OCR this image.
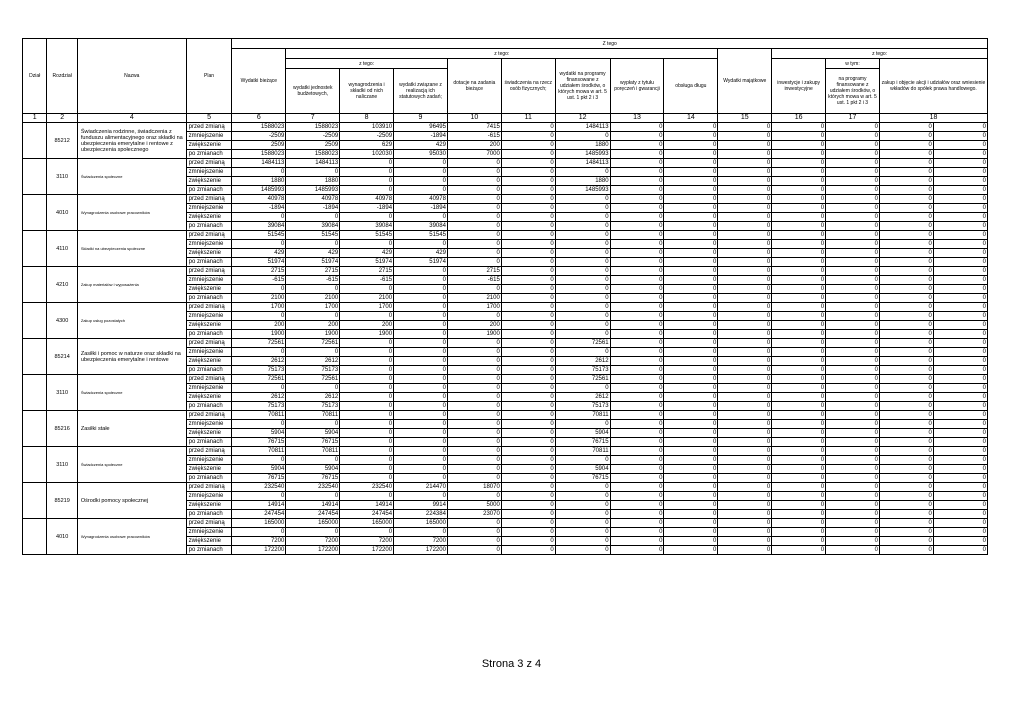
Dział	Rozdział	Nazwa	Plan	Z tego													
				Wydatki bieżące	z tego:								Wydatki majątkowe	z tego:			
					z tego:			dotacje na zadania bieżące	świadczenia na rzecz osób fizycznych;	wydatki na programy finansowane z udziałem środków, o których mowa w art. 5 ust. 1 pkt 2 i 3	wypłaty z tytułu poręczeń i gwarancji	obsługa długu		inwestycje i zakupy inwestycyjne	w tym:	zakup i objęcie akcji i udziałów oraz wniesienie wkładów do spółek prawa handlowego.	
					wydatki jednostek budżetowych,	wynagrodzenia i składki od nich naliczane	wydatki związane z realizacją ich statutowych zadań;								na programy finansowane z udziałem środków, o których mowa w art. 5 ust. 1 pkt 2 i 3		
1	2	4	5	6	7	8	9	10	11	12	13	14	15	16	17	18	
	85212	Świadczenia rodzinne, świadczenia z funduszu alimentacyjnego oraz składki na ubezpieczenia emerytalne i rentowe z ubezpieczenia społecznego	przed zmianą	1588023	1588023	103910	96495	7415	0	1484113	0	0	0	0	0	0	0
			zmniejszenie	-2509	-2509	-2509	-1894	-615	0	0	0	0	0	0	0	0	0
			zwiększenie	2509	2509	629	429	200	0	1880	0	0	0	0	0	0	0
			po zmianach	1588023	1588023	102030	95030	7000	0	1485993	0	0	0	0	0	0	0
	3110	Świadczenia społeczne	przed zmianą	1484113	1484113	0	0	0	0	1484113	0	0	0	0	0	0	0
			zmniejszenie	0	0	0	0	0	0	0	0	0	0	0	0	0	0
			zwiększenie	1880	1880	0	0	0	0	1880	0	0	0	0	0	0	0
			po zmianach	1485993	1485993	0	0	0	0	1485993	0	0	0	0	0	0	0
	4010	Wynagrodzenia osobowe pracowników	przed zmianą	40978	40978	40978	40978	0	0	0	0	0	0	0	0	0	0
			zmniejszenie	-1894	-1894	-1894	-1894	0	0	0	0	0	0	0	0	0	0
			zwiększenie	0	0	0	0	0	0	0	0	0	0	0	0	0	0
			po zmianach	39084	39084	39084	39084	0	0	0	0	0	0	0	0	0	0
	4110	Składki na ubezpieczenia społeczne	przed zmianą	51545	51545	51545	51545	0	0	0	0	0	0	0	0	0	0
			zmniejszenie	0	0	0	0	0	0	0	0	0	0	0	0	0	0
			zwiększenie	429	429	429	429	0	0	0	0	0	0	0	0	0	0
			po zmianach	51974	51974	51974	51974	0	0	0	0	0	0	0	0	0	0
	4210	Zakup materiałów i wyposażenia	przed zmianą	2715	2715	2715	0	2715	0	0	0	0	0	0	0	0	0
			zmniejszenie	-615	-615	-615	0	-615	0	0	0	0	0	0	0	0	0
			zwiększenie	0	0	0	0	0	0	0	0	0	0	0	0	0	0
			po zmianach	2100	2100	2100	0	2100	0	0	0	0	0	0	0	0	0
	4300	Zakup usług pozostałych	przed zmianą	1700	1700	1700	0	1700	0	0	0	0	0	0	0	0	0
			zmniejszenie	0	0	0	0	0	0	0	0	0	0	0	0	0	0
			zwiększenie	200	200	200	0	200	0	0	0	0	0	0	0	0	0
			po zmianach	1900	1900	1900	0	1900	0	0	0	0	0	0	0	0	0
	85214	Zasiłki i pomoc w naturze oraz składki na ubezpieczenia emerytalne i rentowe	przed zmianą	72561	72561	0	0	0	0	72561	0	0	0	0	0	0	0
			zmniejszenie	0	0	0	0	0	0	0	0	0	0	0	0	0	0
			zwiększenie	2612	2612	0	0	0	0	2612	0	0	0	0	0	0	0
			po zmianach	75173	75173	0	0	0	0	75173	0	0	0	0	0	0	0
	3110	Świadczenia społeczne	przed zmianą	72561	72561	0	0	0	0	72561	0	0	0	0	0	0	0
			zmniejszenie	0	0	0	0	0	0	0	0	0	0	0	0	0	0
			zwiększenie	2612	2612	0	0	0	0	2612	0	0	0	0	0	0	0
			po zmianach	75173	75173	0	0	0	0	75173	0	0	0	0	0	0	0
	85216	Zasiłki stałe	przed zmianą	70811	70811	0	0	0	0	70811	0	0	0	0	0	0	0
			zmniejszenie	0	0	0	0	0	0	0	0	0	0	0	0	0	0
			zwiększenie	5904	5904	0	0	0	0	5904	0	0	0	0	0	0	0
			po zmianach	76715	76715	0	0	0	0	76715	0	0	0	0	0	0	0
	3110	Świadczenia społeczne	przed zmianą	70811	70811	0	0	0	0	70811	0	0	0	0	0	0	0
			zmniejszenie	0	0	0	0	0	0	0	0	0	0	0	0	0	0
			zwiększenie	5904	5904	0	0	0	0	5904	0	0	0	0	0	0	0
			po zmianach	76715	76715	0	0	0	0	76715	0	0	0	0	0	0	0
	85219	Ośrodki pomocy społecznej	przed zmianą	232540	232540	232540	214470	18070	0	0	0	0	0	0	0	0	0
			zmniejszenie	0	0	0	0	0	0	0	0	0	0	0	0	0	0
			zwiększenie	14914	14914	14914	9914	5000	0	0	0	0	0	0	0	0	0
			po zmianach	247454	247454	247454	224384	23070	0	0	0	0	0	0	0	0	0
	4010	Wynagrodzenia osobowe pracowników	przed zmianą	165000	165000	165000	165000	0	0	0	0	0	0	0	0	0	0
			zmniejszenie	0	0	0	0	0	0	0	0	0	0	0	0	0	0
			zwiększenie	7200	7200	7200	7200	0	0	0	0	0	0	0	0	0	0
			po zmianach	172200	172200	172200	172200	0	0	0	0	0	0	0	0	0	0
Strona 3 z 4
